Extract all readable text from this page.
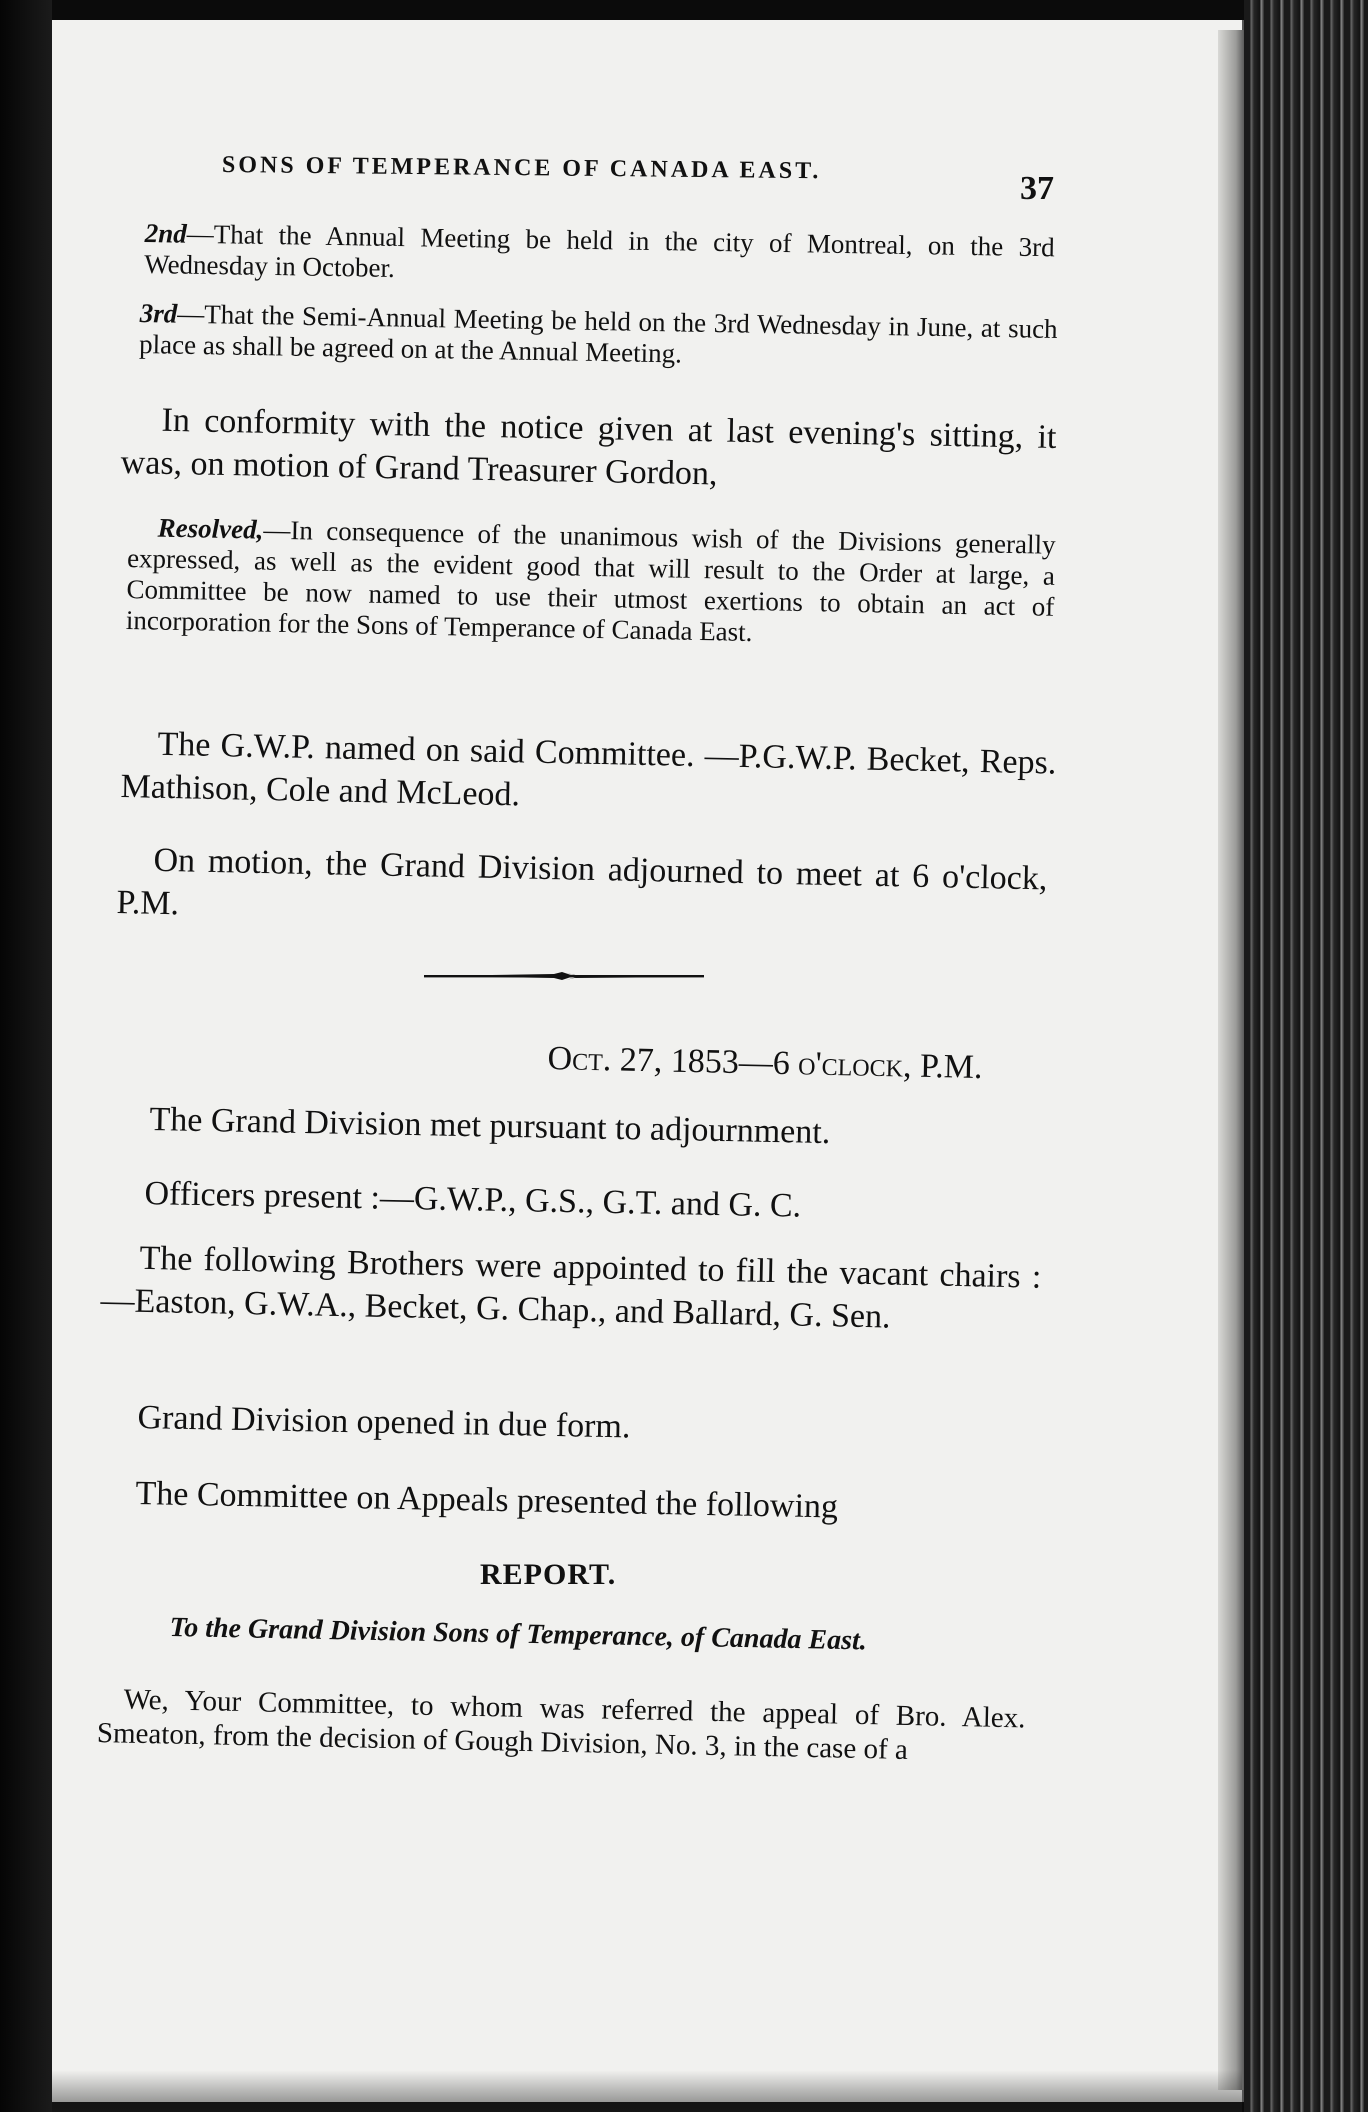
SONS OF TEMPERANCE OF CANADA EAST.
37

2nd—That the Annual Meeting be held in the city of Montreal, on the 3rd Wednesday in October.

3rd—That the Semi-Annual Meeting be held on the 3rd Wednesday in June, at such place as shall be agreed on at the Annual Meeting.

In conformity with the notice given at last evening's sitting, it was, on motion of Grand Treasurer Gordon,

Resolved,—In consequence of the unanimous wish of the Divisions generally expressed, as well as the evident good that will result to the Order at large, a Committee be now named to use their utmost exertions to obtain an act of incorporation for the Sons of Temperance of Canada East.

The G.W.P. named on said Committee. —P.G.W.P. Becket, Reps. Mathison, Cole and McLeod.

On motion, the Grand Division adjourned to meet at 6 o'clock, P.M.

Oct. 27, 1853—6 o'clock, P.M.

The Grand Division met pursuant to adjournment.

Officers present :—G.W.P., G.S., G.T. and G. C.

The following Brothers were appointed to fill the vacant chairs :—Easton, G.W.A., Becket, G. Chap., and Ballard, G. Sen.

Grand Division opened in due form.

The Committee on Appeals presented the following

REPORT.
To the Grand Division Sons of Temperance, of Canada East.

We, Your Committee, to whom was referred the appeal of Bro. Alex. Smeaton, from the decision of Gough Division, No. 3, in the case of a
